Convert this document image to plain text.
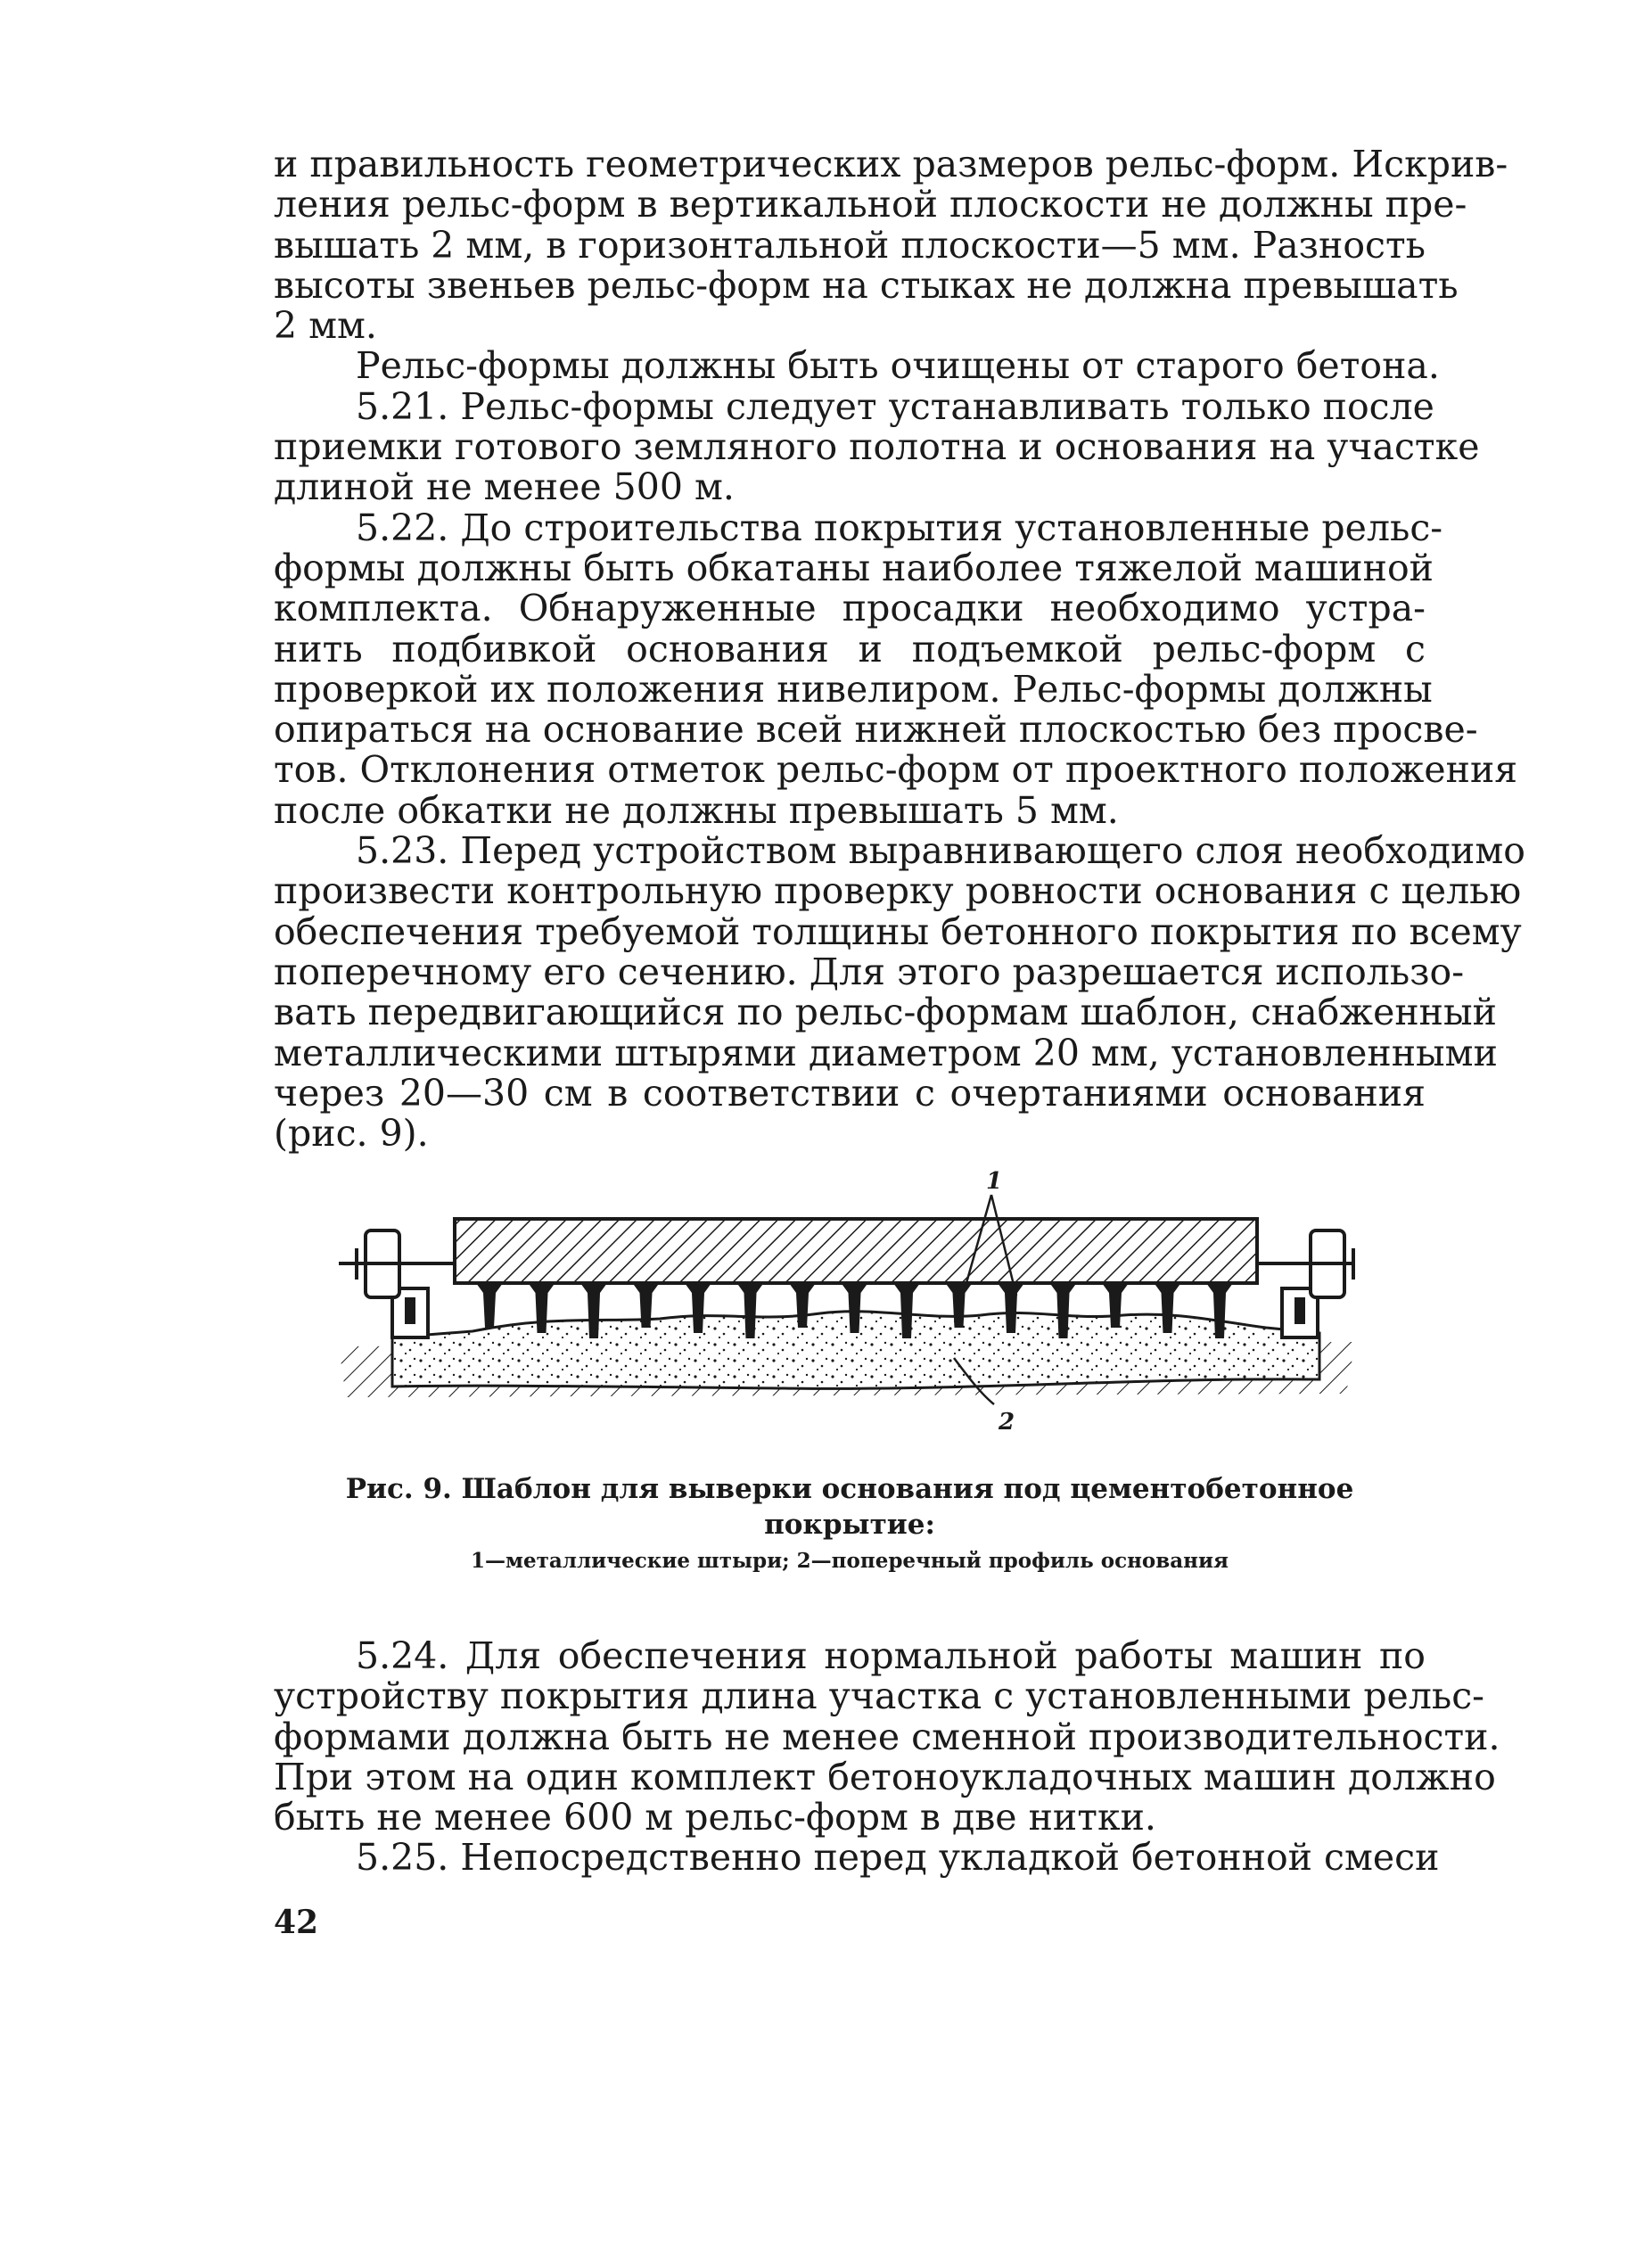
и правильность геометрических размеров рельс-форм. Искрив-
ления рельс-форм в вертикальной плоскости не должны пре-
вышать 2 мм, в горизонтальной плоскости—5 мм. Разность
высоты звеньев рельс-форм на стыках не должна превышать
2 мм.
Рельс-формы должны быть очищены от старого бетона.
5.21. Рельс-формы следует устанавливать только после
приемки готового земляного полотна и основания на участке
длиной не менее 500 м.
5.22. До строительства покрытия установленные рельс-
формы должны быть обкатаны наиболее тяжелой машиной
комплекта. Обнаруженные просадки необходимо устра-
нить подбивкой основания и подъемкой рельс-форм с
проверкой их положения нивелиром. Рельс-формы должны
опираться на основание всей нижней плоскостью без просве-
тов. Отклонения отметок рельс-форм от проектного положения
после обкатки не должны превышать 5 мм.
5.23. Перед устройством выравнивающего слоя необходимо
произвести контрольную проверку ровности основания с целью
обеспечения требуемой толщины бетонного покрытия по всему
поперечному его сечению. Для этого разрешается использо-
вать передвигающийся по рельс-формам шаблон, снабженный
металлическими штырями диаметром 20 мм, установленными
через 20—30 см в соответствии с очертаниями основания
(рис. 9).
1
2
Рис. 9. Шаблон для выверки основания под цементобетонное
покрытие:
1—металлические штыри; 2—поперечный профиль основания
5.24. Для обеспечения нормальной работы машин по
устройству покрытия длина участка с установленными рельс-
формами должна быть не менее сменной производительности.
При этом на один комплект бетоноукладочных машин должно
быть не менее 600 м рельс-форм в две нитки.
5.25. Непосредственно перед укладкой бетонной смеси
42
